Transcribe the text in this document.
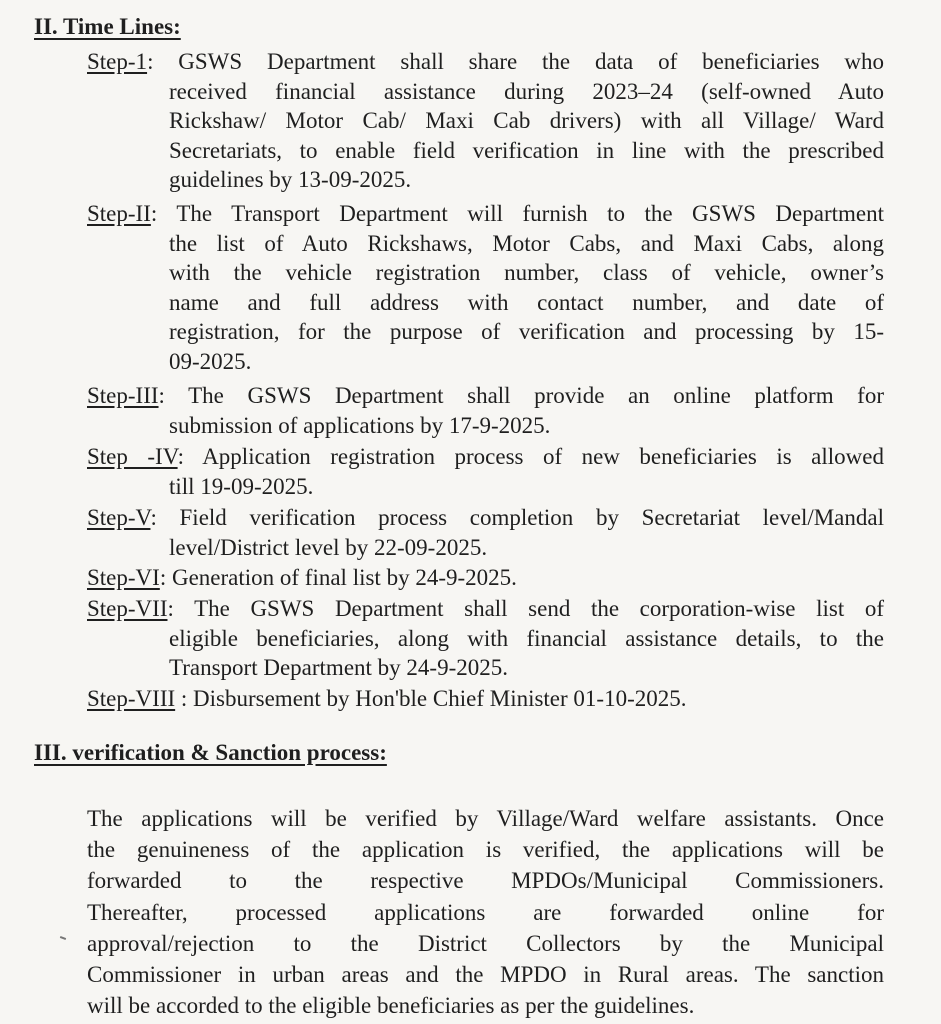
II. Time Lines:
Step-1: GSWS Department shall share the data of beneficiaries who
received financial assistance during 2023–24 (self-owned Auto
Rickshaw/ Motor Cab/ Maxi Cab drivers) with all Village/ Ward
Secretariats, to enable field verification in line with the prescribed
guidelines by 13-09-2025.
Step-II: The Transport Department will furnish to the GSWS Department
the list of Auto Rickshaws, Motor Cabs, and Maxi Cabs, along
with the vehicle registration number, class of vehicle, owner’s
name and full address with contact number, and date of
registration, for the purpose of verification and processing by 15-
09-2025.
Step-III: The GSWS Department shall provide an online platform for
submission of applications by 17-9-2025.
Step -IV: Application registration process of new beneficiaries is allowed
till 19-09-2025.
Step-V: Field verification process completion by Secretariat level/Mandal
level/District level by 22-09-2025.
Step-VI: Generation of final list by 24-9-2025.
Step-VII: The GSWS Department shall send the corporation-wise list of
eligible beneficiaries, along with financial assistance details, to the
Transport Department by 24-9-2025.
Step-VIII : Disbursement by Hon'ble Chief Minister 01-10-2025.
III. verification & Sanction process:
The applications will be verified by Village/Ward welfare assistants. Once
the genuineness of the application is verified, the applications will be
forwarded to the respective MPDOs/Municipal Commissioners.
Thereafter, processed applications are forwarded online for
approval/rejection to the District Collectors by the Municipal
Commissioner in urban areas and the MPDO in Rural areas. The sanction
will be accorded to the eligible beneficiaries as per the guidelines.
